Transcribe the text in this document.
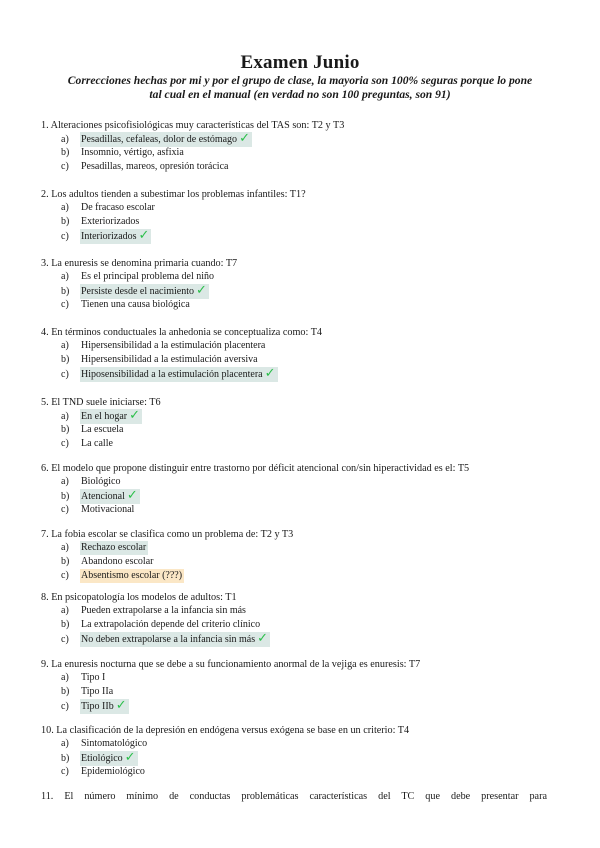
Examen Junio
Correcciones hechas por mi y por el grupo de clase, la mayoria son 100% seguras porque lo pone
tal cual en el manual (en verdad no son 100 preguntas, son 91)
1. Alteraciones psicofisiológicas muy características del TAS son: T2 y T3
a) Pesadillas, cefaleas, dolor de estómago ✓
b) Insomnio, vértigo, asfixia
c) Pesadillas, mareos, opresión torácica
2. Los adultos tienden a subestimar los problemas infantiles: T1?
a) De fracaso escolar
b) Exteriorizados
c) Interiorizados ✓
3. La enuresis se denomina primaria cuando: T7
a) Es el principal problema del niño
b) Persiste desde el nacimiento ✓
c) Tienen una causa biológica
4. En términos conductuales la anhedonia se conceptualiza como: T4
a) Hipersensibilidad a la estimulación placentera
b) Hipersensibilidad a la estimulación aversiva
c) Hiposensibilidad a la estimulación placentera ✓
5. El TND suele iniciarse: T6
a) En el hogar ✓
b) La escuela
c) La calle
6. El modelo que propone distinguir entre trastorno por déficit atencional con/sin hiperactividad es el: T5
a) Biológico
b) Atencional ✓
c) Motivacional
7. La fobia escolar se clasifica como un problema de: T2 y T3
a) Rechazo escolar
b) Abandono escolar
c) Absentismo escolar (???)
8. En psicopatología los modelos de adultos: T1
a) Pueden extrapolarse a la infancia sin más
b) La extrapolación depende del criterio clínico
c) No deben extrapolarse a la infancia sin más ✓
9. La enuresis nocturna que se debe a su funcionamiento anormal de la vejiga es enuresis: T7
a) Tipo I
b) Tipo IIa
c) Tipo IIb ✓
10. La clasificación de la depresión en endógena versus exógena se base en un criterio: T4
a) Sintomatológico
b) Etiológico ✓
c) Epidemiológico
11. El número mínimo de conductas problemáticas características del TC que debe presentar para
